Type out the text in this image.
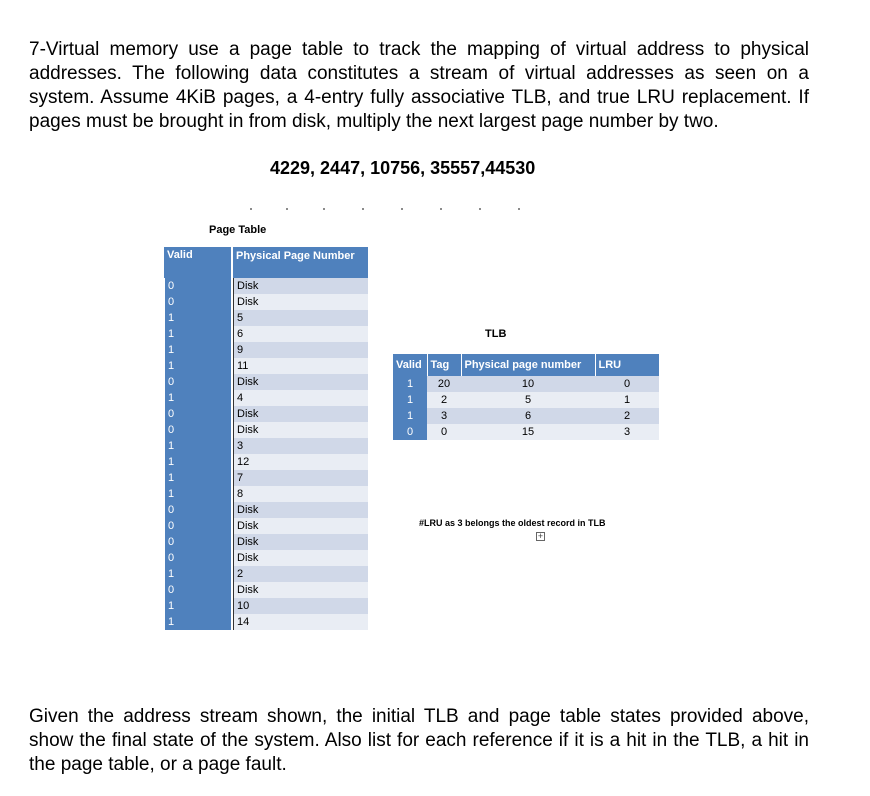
7-Virtual memory use a page table to track the mapping of virtual address to physical addresses. The following data constitutes a stream of virtual addresses as seen on a system. Assume 4KiB pages, a 4-entry fully associative TLB, and true LRU replacement. If pages must be brought in from disk, multiply the next largest page number by two.

4229, 2447, 10756, 35557,44530

Page Table

Valid	Physical Page Number
0	Disk
0	Disk
1	5
1	6
1	9
1	11
0	Disk
1	4
0	Disk
0	Disk
1	3
1	12
1	7
1	8
0	Disk
0	Disk
0	Disk
0	Disk
1	2
0	Disk
1	10
1	14

TLB

Valid	Tag	Physical page number	LRU
1	20	10	0
1	2	5	1
1	3	6	2
0	0	15	3

#LRU as 3 belongs the oldest record in TLB

+

Given the address stream shown, the initial TLB and page table states provided above, show the final state of the system. Also list for each reference if it is a hit in the TLB, a hit in the page table, or a page fault.
